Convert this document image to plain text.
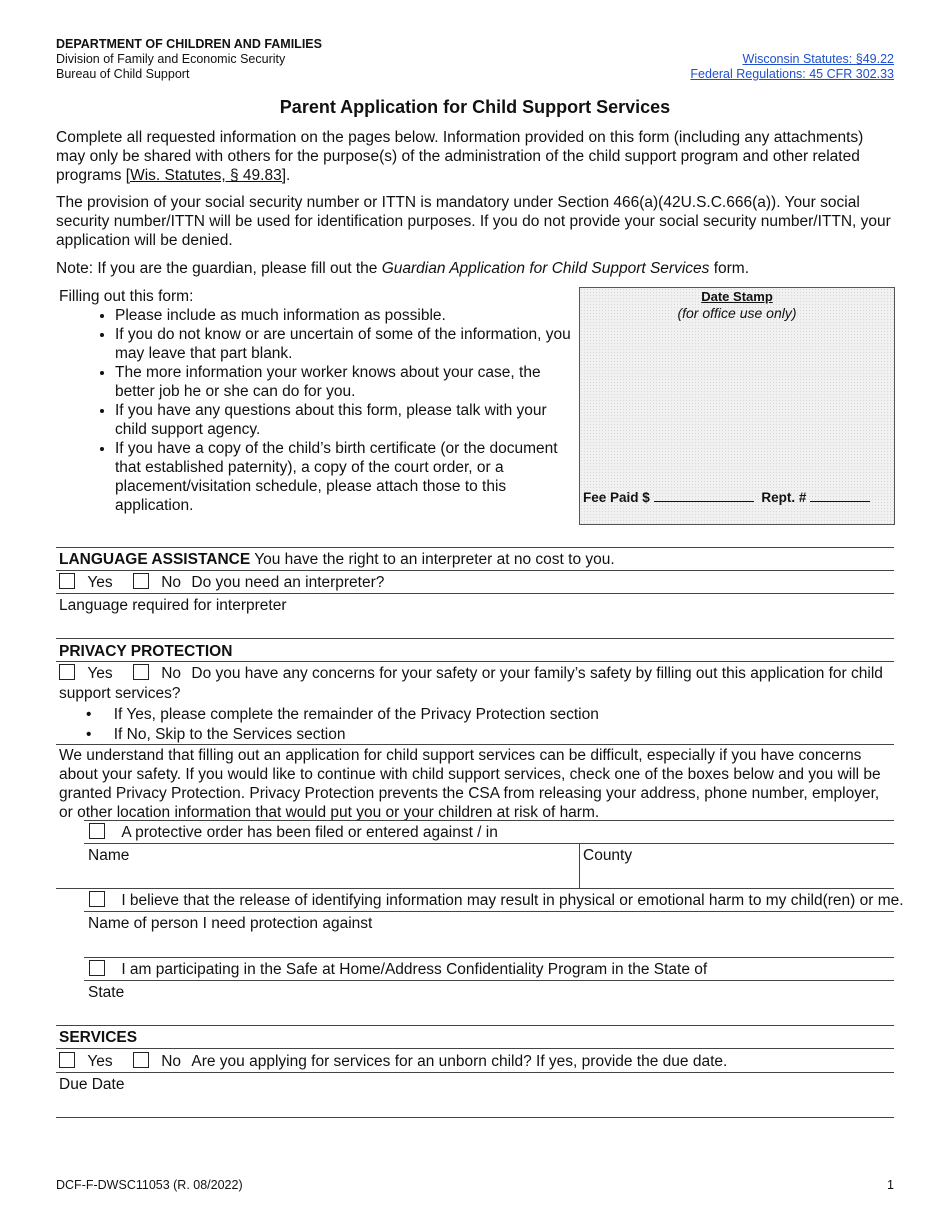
DEPARTMENT OF CHILDREN AND FAMILIES
Division of Family and Economic Security
Bureau of Child Support
Wisconsin Statutes: §49.22
Federal Regulations: 45 CFR 302.33
Parent Application for Child Support Services
Complete all requested information on the pages below. Information provided on this form (including any attachments) may only be shared with others for the purpose(s) of the administration of the child support program and other related programs [Wis. Statutes, § 49.83].
The provision of your social security number or ITTN is mandatory under Section 466(a)(42U.S.C.666(a)). Your social security number/ITTN will be used for identification purposes. If you do not provide your social security number/ITTN, your application will be denied.
Note: If you are the guardian, please fill out the Guardian Application for Child Support Services form.
Filling out this form:
• Please include as much information as possible.
• If you do not know or are uncertain of some of the information, you may leave that part blank.
• The more information your worker knows about your case, the better job he or she can do for you.
• If you have any questions about this form, please talk with your child support agency.
• If you have a copy of the child’s birth certificate (or the document that established paternity), a copy of the court order, or a placement/visitation schedule, please attach those to this application.
Date Stamp
(for office use only)
Fee Paid $	Rept. #
LANGUAGE ASSISTANCE You have the right to an interpreter at no cost to you.
Yes	No Do you need an interpreter?
Language required for interpreter
PRIVACY PROTECTION
Yes	No Do you have any concerns for your safety or your family’s safety by filling out this application for child
support services?
• If Yes, please complete the remainder of the Privacy Protection section
• If No, Skip to the Services section
We understand that filling out an application for child support services can be difficult, especially if you have concerns about your safety. If you would like to continue with child support services, check one of the boxes below and you will be granted Privacy Protection. Privacy Protection prevents the CSA from releasing your address, phone number, employer, or other location information that would put you or your children at risk of harm.
A protective order has been filed or entered against / in
Name	County
I believe that the release of identifying information may result in physical or emotional harm to my child(ren) or me.
Name of person I need protection against
I am participating in the Safe at Home/Address Confidentiality Program in the State of
State
SERVICES
Yes	No Are you applying for services for an unborn child? If yes, provide the due date.
Due Date
DCF-F-DWSC11053 (R. 08/2022)	1
